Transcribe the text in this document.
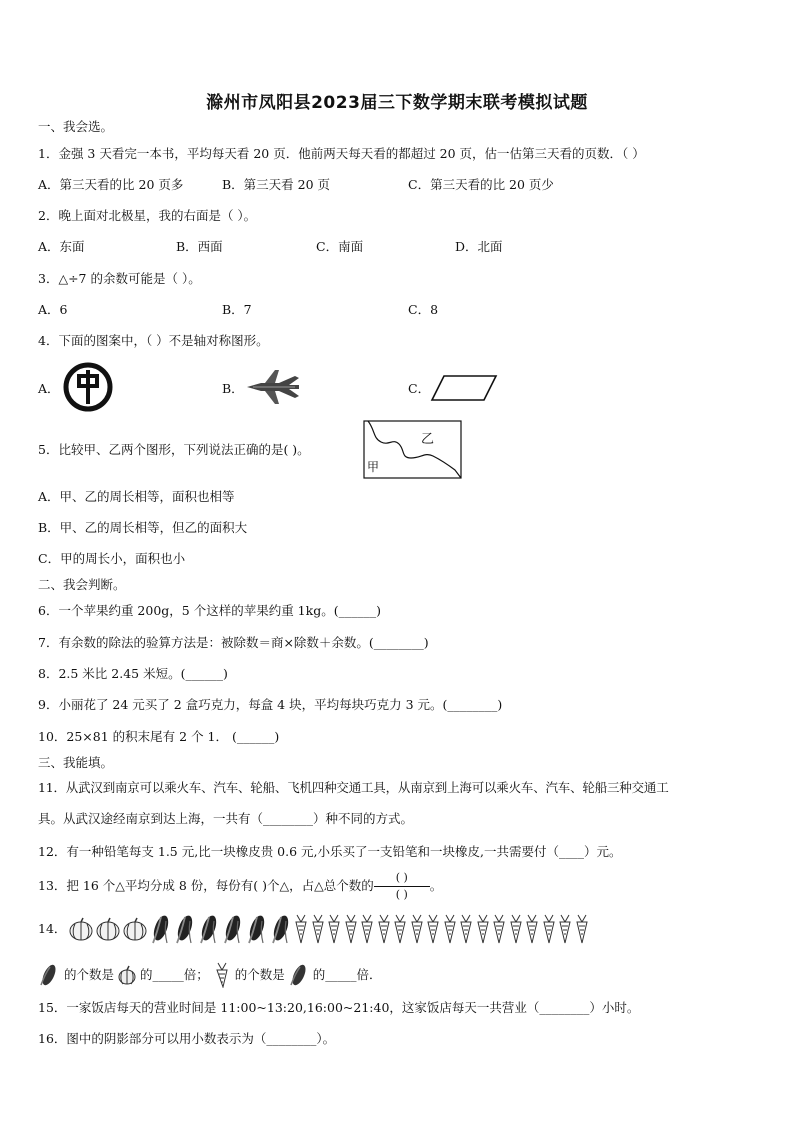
滁州市凤阳县2023届三下数学期末联考模拟试题
一、我会选。
1．金强 3 天看完一本书，平均每天看 20 页．他前两天每天看的都超过 20 页，估一估第三天看的页数．（ ）
A．第三天看的比 20 页多	B．第三天看 20 页	C．第三天看的比 20 页少
2．晚上面对北极星，我的右面是（ ）。
A．东面	B．西面	C．南面	D．北面
3．△÷7 的余数可能是（ ）。
A．6	B．7	C．8
4．下面的图案中，（ ）不是轴对称图形。
A．	B．	C．
5．比较甲、乙两个图形，下列说法正确的是( )。
甲
乙
A．甲、乙的周长相等，面积也相等
B．甲、乙的周长相等，但乙的面积大
C．甲的周长小，面积也小
二、我会判断。
6．一个苹果约重 200g，5 个这样的苹果约重 1kg。(______)
7．有余数的除法的验算方法是：被除数＝商×除数＋余数。(________)
8．2.5 米比 2.45 米短。(______)
9．小丽花了 24 元买了 2 盒巧克力，每盒 4 块，平均每块巧克力 3 元。(________)
10．25×81 的积末尾有 2 个 1． (______)
三、我能填。
11．从武汉到南京可以乘火车、汽车、轮船、飞机四种交通工具，从南京到上海可以乘火车、汽车、轮船三种交通工
具。从武汉途经南京到达上海，一共有（________）种不同的方式。
12．有一种铅笔每支 1.5 元,比一块橡皮贵 0.6 元,小乐买了一支铅笔和一块橡皮,一共需要付（____）元。
13．把 16 个△平均分成 8 份，每份有( )个△，占△总个数的$\frac{( )}{( )}$。
14．
的个数是 的_____倍； 的个数是 的_____倍．
15．一家饭店每天的营业时间是 11:00~13:20,16:00~21:40，这家饭店每天一共营业（________）小时。
16．图中的阴影部分可以用小数表示为（________）。
